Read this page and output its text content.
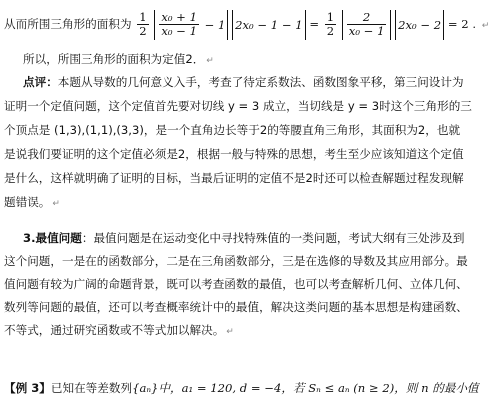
从而所围三角形的面积为 $\frac{1}{2}$
$\frac{\text{x₀ + 1}}{\text{x₀ − 1}} - 1$ $2x_0 - 1 - 1 = \frac{1}{2}$
$\frac{2}{\text{x₀ − 1}} 2x_0 - 2 = 2$ . ↵
所以，所围三角形的面积为定值2． ↵
点评：本题从导数的几何意义入手，考查了待定系数法、函数图象平移，第三问设计为
证明一个定值问题，这个定值首先要对切线 y = 3 成立，当切线是 y = 3时这个三角形的三
个顶点是 (1,3),(1,1),(3,3)，是一个直角边长等于2的等腰直角三角形，其面积为2，也就
是说我们要证明的这个定值必须是2，根据一般与特殊的思想，考生至少应该知道这个定值
是什么，这样就明确了证明的目标，当最后证明的定值不是2时还可以检查解题过程发现解
题错误。 ↵
3.最值问题：最值问题是在运动变化中寻找特殊值的一类问题，考试大纲有三处涉及到
这个问题，一是在的函数部分，二是在三角函数部分，三是在选修的导数及其应用部分。最
值问题有较为广阔的命题背景，既可以考查函数的最值，也可以考查解析几何、立体几何、
数列等问题的最值，还可以考查概率统计中的最值，解决这类问题的基本思想是构建函数、
不等式，通过研究函数或不等式加以解决。 ↵
【例 3】已知在等差数列{aₙ}中，a₁ = 120, d = −4，若 Sₙ ≤ aₙ (n ≥ 2)，则 n 的最小值
